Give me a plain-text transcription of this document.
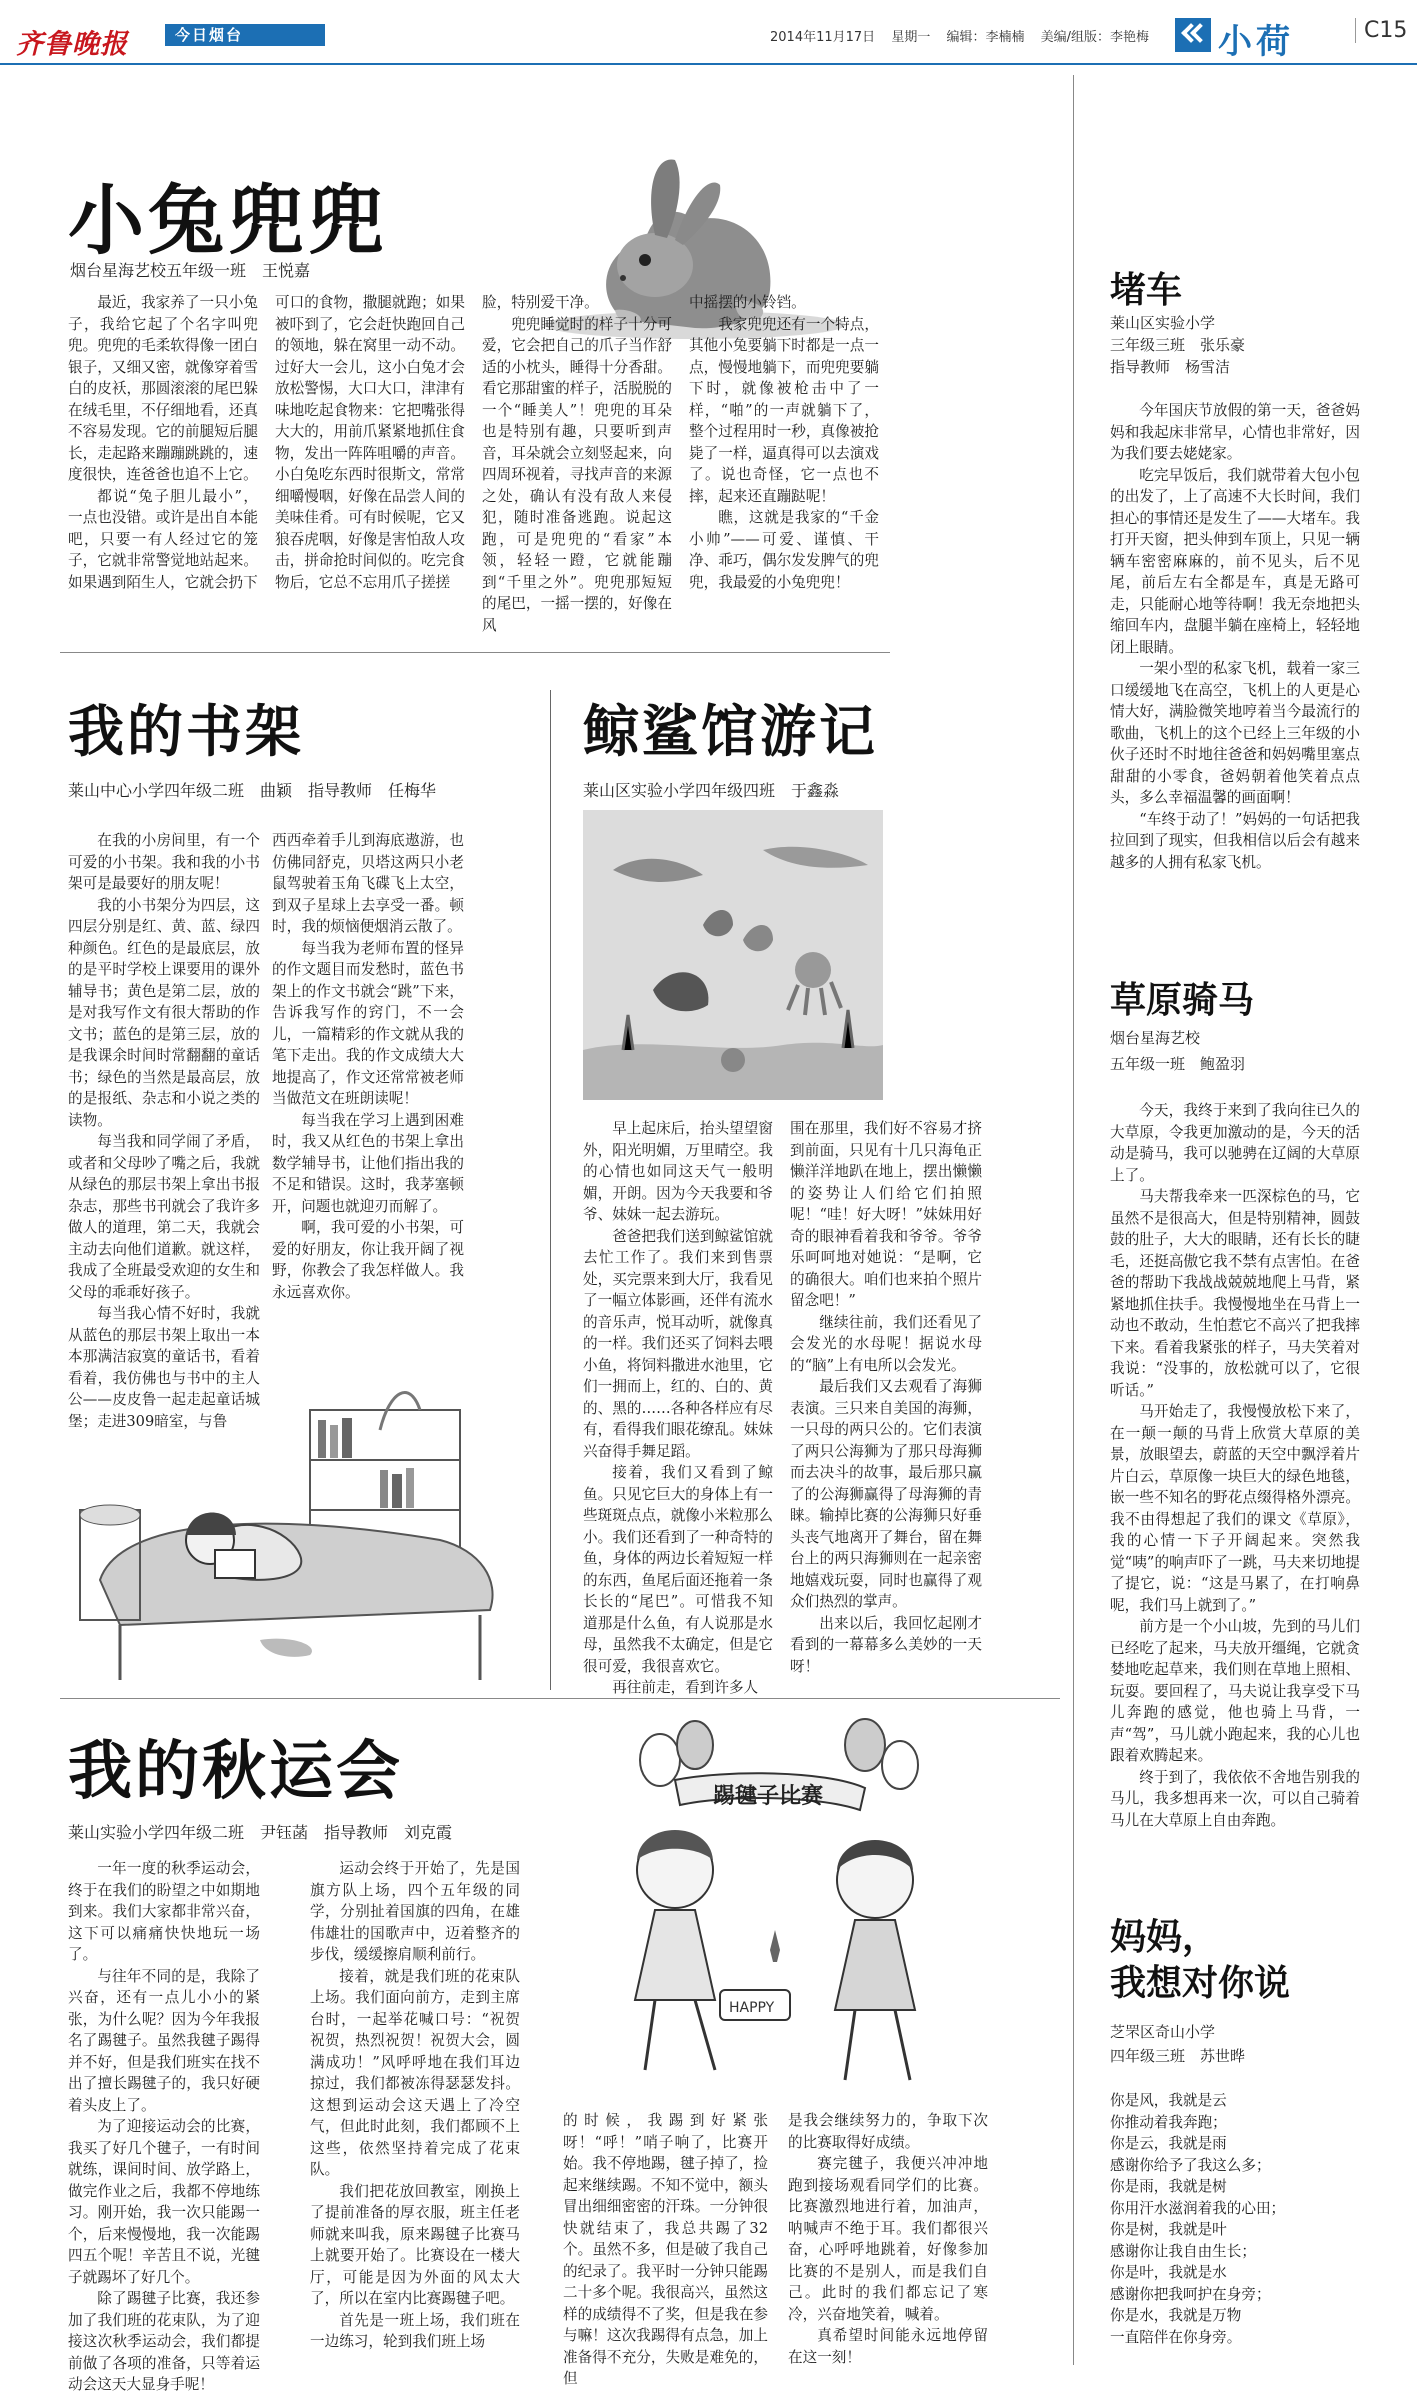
齐鲁晚报	今日烟台	2014年11月17日 星期一 编辑：李楠楠 美编/组版：李艳梅	小荷	C15
小兔兜兜
烟台星海艺校五年级一班　王悦嘉

最近，我家养了一只小兔子，我给它起了个名字叫兜兜。兜兜的毛柔软得像一团白银子，又细又密，就像穿着雪白的皮袄，那圆滚滚的尾巴躲在绒毛里，不仔细地看，还真不容易发现。它的前腿短后腿长，走起路来蹦蹦跳跳的，速度很快，连爸爸也追不上它。

都说“兔子胆儿最小”，一点也没错。或许是出自本能吧，只要一有人经过它的笼子，它就非常警觉地站起来。如果遇到陌生人，它就会扔下

可口的食物，撒腿就跑；如果被吓到了，它会赶快跑回自己的领地，躲在窝里一动不动。过好大一会儿，这小白兔才会放松警惕，大口大口，津津有味地吃起食物来：它把嘴张得大大的，用前爪紧紧地抓住食物，发出一阵阵咀嚼的声音。小白兔吃东西时很斯文，常常细嚼慢咽，好像在品尝人间的美味佳肴。可有时候呢，它又狼吞虎咽，好像是害怕敌人攻击，拼命抢时间似的。吃完食物后，它总不忘用爪子搓搓

脸，特别爱干净。

兜兜睡觉时的样子十分可爱，它会把自己的爪子当作舒适的小枕头，睡得十分香甜。看它那甜蜜的样子，活脱脱的一个“睡美人”！兜兜的耳朵也是特别有趣，只要听到声音，耳朵就会立刻竖起来，向四周环视着，寻找声音的来源之处，确认有没有敌人来侵犯，随时准备逃跑。说起这跑，可是兜兜的“看家”本领，轻轻一蹬，它就能蹦到“千里之外”。兜兜那短短的尾巴，一摇一摆的，好像在风

中摇摆的小铃铛。

我家兜兜还有一个特点，其他小兔要躺下时都是一点一点，慢慢地躺下，而兜兜要躺下时，就像被枪击中了一样，“啪”的一声就躺下了，整个过程用时一秒，真像被抢毙了一样，逼真得可以去演戏了。说也奇怪，它一点也不摔，起来还直蹦跶呢！

瞧，这就是我家的“千金小帅”——可爱、谨慎、干净、乖巧，偶尔发发脾气的兜兜，我最爱的小兔兜兜！

我的书架
莱山中心小学四年级二班　曲颖　指导教师　任梅华

在我的小房间里，有一个可爱的小书架。我和我的小书架可是最要好的朋友呢！

我的小书架分为四层，这四层分别是红、黄、蓝、绿四种颜色。红色的是最底层，放的是平时学校上课要用的课外辅导书；黄色是第二层，放的是对我写作文有很大帮助的作文书；蓝色的是第三层，放的是我课余时间时常翻翻的童话书；绿色的当然是最高层，放的是报纸、杂志和小说之类的读物。

每当我和同学闹了矛盾，或者和父母吵了嘴之后，我就从绿色的那层书架上拿出书报杂志，那些书刊就会了我许多做人的道理，第二天，我就会主动去向他们道歉。就这样，我成了全班最受欢迎的女生和父母的乖乖好孩子。

每当我心情不好时，我就从蓝色的那层书架上取出一本本那满洁寂寞的童话书，看着看着，我仿佛也与书中的主人公——皮皮鲁一起走起童话城堡；走进309暗室，与鲁

西西牵着手儿到海底遨游，也仿佛同舒克，贝塔这两只小老鼠驾驶着玉角飞碟飞上太空，到双子星球上去享受一番。顿时，我的烦恼便烟消云散了。

每当我为老师布置的怪异的作文题目而发愁时，蓝色书架上的作文书就会“跳”下来，告诉我写作的窍门，不一会儿，一篇精彩的作文就从我的笔下走出。我的作文成绩大大地提高了，作文还常常被老师当做范文在班朗读呢！

每当我在学习上遇到困难时，我又从红色的书架上拿出数学辅导书，让他们指出我的不足和错误。这时，我茅塞顿开，问题也就迎刃而解了。

啊，我可爱的小书架，可爱的好朋友，你让我开阔了视野，你教会了我怎样做人。我永远喜欢你。

鲸鲨馆游记
莱山区实验小学四年级四班　于鑫淼

早上起床后，抬头望望窗外，阳光明媚，万里晴空。我的心情也如同这天气一般明媚，开朗。因为今天我要和爷爷、妹妹一起去游玩。

爸爸把我们送到鲸鲨馆就去忙工作了。我们来到售票处，买完票来到大厅，我看见了一幅立体影画，还伴有流水的音乐声，悦耳动听，就像真的一样。我们还买了饲料去喂小鱼，将饲料撒进水池里，它们一拥而上，红的、白的、黄的、黑的……各种各样应有尽有，看得我们眼花缭乱。妹妹兴奋得手舞足蹈。

接着，我们又看到了鲸鱼。只见它巨大的身体上有一些斑斑点点，就像小米粒那么小。我们还看到了一种奇特的鱼，身体的两边长着短短一样的东西，鱼尾后面还拖着一条长长的“尾巴”。可惜我不知道那是什么鱼，有人说那是水母，虽然我不太确定，但是它很可爱，我很喜欢它。

再往前走，看到许多人

围在那里，我们好不容易才挤到前面，只见有十几只海龟正懒洋洋地趴在地上，摆出懒懒的姿势让人们给它们拍照呢！“哇！好大呀！”妹妹用好奇的眼神看着我和爷爷。爷爷乐呵呵地对她说：“是啊，它的确很大。咱们也来拍个照片留念吧！”

继续往前，我们还看见了会发光的水母呢！据说水母的“脑”上有电所以会发光。

最后我们又去观看了海狮表演。三只来自美国的海狮，一只母的两只公的。它们表演了两只公海狮为了那只母海狮而去决斗的故事，最后那只赢了的公海狮赢得了母海狮的青睐。输掉比赛的公海狮只好垂头丧气地离开了舞台，留在舞台上的两只海狮则在一起亲密地嬉戏玩耍，同时也赢得了观众们热烈的掌声。

出来以后，我回忆起刚才看到的一幕幕多么美妙的一天呀！

我的秋运会
莱山实验小学四年级二班　尹钰菡　指导教师　刘克霞
踢毽子比赛
HAPPY

一年一度的秋季运动会，终于在我们的盼望之中如期地到来。我们大家都非常兴奋，这下可以痛痛快快地玩一场了。

与往年不同的是，我除了兴奋，还有一点儿小小的紧张，为什么呢？因为今年我报名了踢毽子。虽然我毽子踢得并不好，但是我们班实在找不出了擅长踢毽子的，我只好硬着头皮上了。

为了迎接运动会的比赛，我买了好几个毽子，一有时间就练，课间时间、放学路上，做完作业之后，我都不停地练习。刚开始，我一次只能踢一个，后来慢慢地，我一次能踢四五个呢！辛苦且不说，光毽子就踢坏了好几个。

除了踢毽子比赛，我还参加了我们班的花束队，为了迎接这次秋季运动会，我们都提前做了各项的准备，只等着运动会这天大显身手呢！

运动会终于开始了，先是国旗方队上场，四个五年级的同学，分别扯着国旗的四角，在雄伟雄壮的国歌声中，迈着整齐的步伐，缓缓擦肩顺利前行。

接着，就是我们班的花束队上场。我们面向前方，走到主席台时，一起举花喊口号：“祝贺祝贺，热烈祝贺！祝贺大会，圆满成功！”风呼呼地在我们耳边掠过，我们都被冻得瑟瑟发抖。这想到运动会这天遇上了冷空气，但此时此刻，我们都顾不上这些，依然坚持着完成了花束队。

我们把花放回教室，刚换上了提前准备的厚衣服，班主任老师就来叫我，原来踢毽子比赛马上就要开始了。比赛设在一楼大厅，可能是因为外面的风太大了，所以在室内比赛踢毽子吧。

首先是一班上场，我们班在一边练习，轮到我们班上场

的时候，我踢到好紧张呀！“呼！”哨子响了，比赛开始。我不停地踢，毽子掉了，捡起来继续踢。不知不觉中，额头冒出细细密密的汗珠。一分钟很快就结束了，我总共踢了32个。虽然不多，但是破了我自己的纪录了。我平时一分钟只能踢二十多个呢。我很高兴，虽然这样的成绩得不了奖，但是我在参与嘛！这次我踢得有点急，加上准备得不充分，失败是难免的，但

是我会继续努力的，争取下次的比赛取得好成绩。

赛完毽子，我便兴冲冲地跑到接场观看同学们的比赛。比赛激烈地进行着，加油声，呐喊声不绝于耳。我们都很兴奋，心呼呼地跳着，好像参加比赛的不是别人，而是我们自己。此时的我们都忘记了寒冷，兴奋地笑着，喊着。

真希望时间能永远地停留在这一刻！

堵车
莱山区实验小学
三年级三班　张乐豪
指导教师　杨雪洁

今年国庆节放假的第一天，爸爸妈妈和我起床非常早，心情也非常好，因为我们要去姥姥家。

吃完早饭后，我们就带着大包小包的出发了，上了高速不大长时间，我们担心的事情还是发生了——大堵车。我打开天窗，把头伸到车顶上，只见一辆辆车密密麻麻的，前不见头，后不见尾，前后左右全都是车，真是无路可走，只能耐心地等待啊！我无奈地把头缩回车内，盘腿半躺在座椅上，轻轻地闭上眼睛。

一架小型的私家飞机，载着一家三口缓缓地飞在高空，飞机上的人更是心情大好，满脸微笑地哼着当今最流行的歌曲，飞机上的这个已经上三年级的小伙子还时不时地往爸爸和妈妈嘴里塞点甜甜的小零食，爸妈朝着他笑着点点头，多么幸福温馨的画面啊！

“车终于动了！”妈妈的一句话把我拉回到了现实，但我相信以后会有越来越多的人拥有私家飞机。

草原骑马
烟台星海艺校
五年级一班　鲍盈羽

今天，我终于来到了我向往已久的大草原，令我更加激动的是，今天的活动是骑马，我可以驰骋在辽阔的大草原上了。

马夫帮我牵来一匹深棕色的马，它虽然不是很高大，但是特别精神，圆鼓鼓的肚子，大大的眼睛，还有长长的睫毛，还挺高傲它我不禁有点害怕。在爸爸的帮助下我战战兢兢地爬上马背，紧紧地抓住扶手。我慢慢地坐在马背上一动也不敢动，生怕惹它不高兴了把我摔下来。看着我紧张的样子，马夫笑着对我说：“没事的，放松就可以了，它很听话。”

马开始走了，我慢慢放松下来了，在一颠一颠的马背上欣赏大草原的美景，放眼望去，蔚蓝的天空中飘浮着片片白云，草原像一块巨大的绿色地毯，嵌一些不知名的野花点缀得格外漂亮。我不由得想起了我们的课文《草原》，我的心情一下子开阔起来。突然我觉“咦”的响声吓了一跳，马夫来切地提了提它，说：“这是马累了，在打响鼻呢，我们马上就到了。”

前方是一个小山坡，先到的马儿们已经吃了起来，马夫放开缰绳，它就贪婪地吃起草来，我们则在草地上照相、玩耍。要回程了，马夫说让我享受下马儿奔跑的感觉，他也骑上马背，一声“驾”，马儿就小跑起来，我的心儿也跟着欢腾起来。

终于到了，我依依不舍地告别我的马儿，我多想再来一次，可以自己骑着马儿在大草原上自由奔跑。

妈妈，
我想对你说
芝罘区奇山小学
四年级三班　苏世晔
你是风，我就是云
你推动着我奔跑；
你是云，我就是雨
感谢你给予了我这么多；
你是雨，我就是树
你用汗水滋润着我的心田；
你是树，我就是叶
感谢你让我自由生长；
你是叶，我就是水
感谢你把我呵护在身旁；
你是水，我就是万物
一直陪伴在你身旁。
